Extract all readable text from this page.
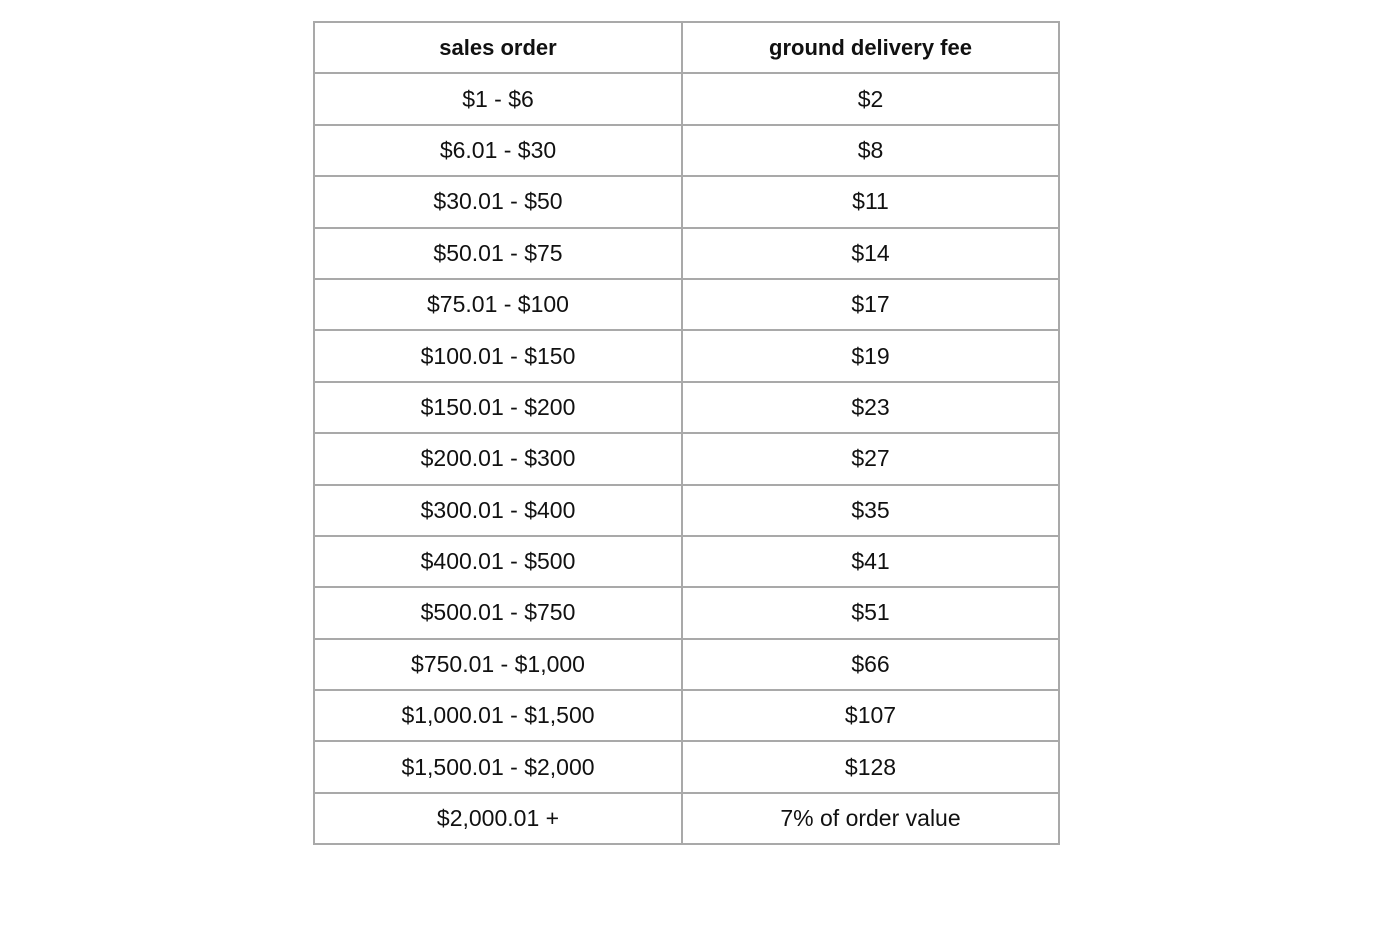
sales order	ground delivery fee
$1 - $6	$2
$6.01 - $30	$8
$30.01 - $50	$11
$50.01 - $75	$14
$75.01 - $100	$17
$100.01 - $150	$19
$150.01 - $200	$23
$200.01 - $300	$27
$300.01 - $400	$35
$400.01 - $500	$41
$500.01 - $750	$51
$750.01 - $1,000	$66
$1,000.01 - $1,500	$107
$1,500.01 - $2,000	$128
$2,000.01 +	7% of order value
